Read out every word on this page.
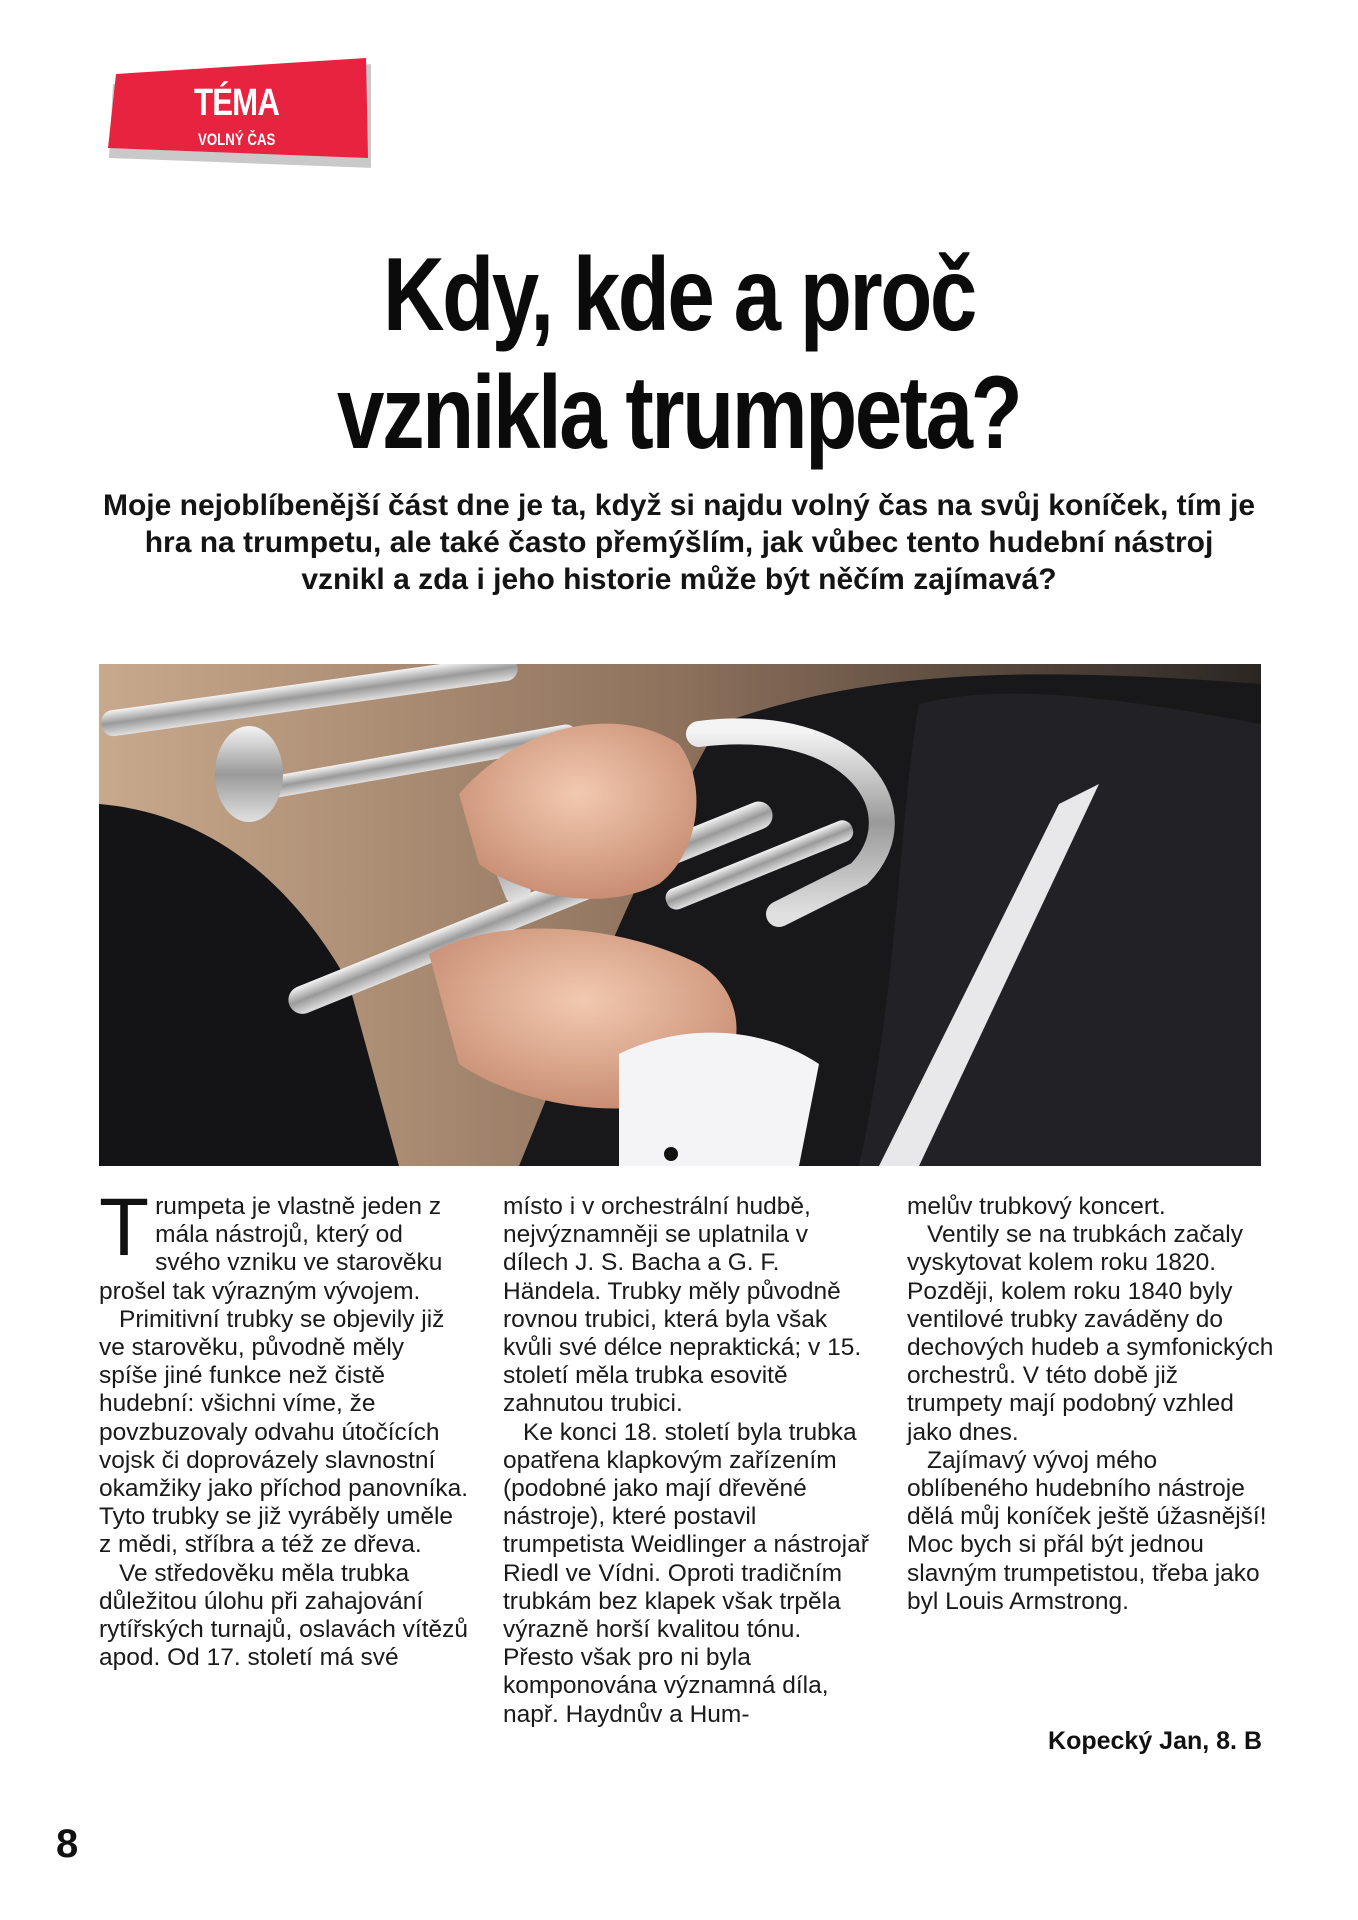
TÉMA
VOLNÝ ČAS
Kdy, kde a proč
vznikla trumpeta?
Moje nejoblíbenější část dne je ta, když si najdu volný čas na svůj koníček, tím je hra na trumpetu, ale také často přemýšlím, jak vůbec tento hudební nástroj vznikl a zda i jeho historie může být něčím zajímavá?

Trumpeta je vlastně jeden z mála nástrojů, který od svého vzniku ve starověku prošel tak výrazným vývojem.

Primitivní trubky se objevily již ve starověku, původně měly spíše jiné funkce než čistě hudební: všichni víme, že povzbuzovaly odvahu útočících vojsk či doprovázely slavnostní okamžiky jako příchod panovníka. Tyto trubky se již vyráběly uměle z mědi, stříbra a též ze dřeva.

Ve středověku měla trubka důležitou úlohu při zahajování rytířských turnajů, oslavách vítězů apod. Od 17. století má své

místo i v orchestrální hudbě, nejvýznamněji se uplatnila v dílech J. S. Bacha a G. F. Händela. Trubky měly původně rovnou trubici, která byla však kvůli své délce nepraktická; v 15. století měla trubka esovitě zahnutou trubici.

Ke konci 18. století byla trubka opatřena klapkovým zařízením (podobné jako mají dřevěné nástroje), které postavil trumpetista Weidlinger a nástrojař Riedl ve Vídni. Oproti tradičním trubkám bez klapek však trpěla výrazně horší kvalitou tónu. Přesto však pro ni byla komponována významná díla, např. Haydnův a Hum-

melův trubkový koncert.

Ventily se na trubkách začaly vyskytovat kolem roku 1820. Později, kolem roku 1840 byly ventilové trubky zaváděny do dechových hudeb a symfonických orchestrů. V této době již trumpety mají podobný vzhled jako dnes.

Zajímavý vývoj mého oblíbeného hudebního nástroje dělá můj koníček ještě úžasnější! Moc bych si přál být jednou slavným trumpetistou, třeba jako byl Louis Armstrong.

Kopecký Jan, 8. B
8
